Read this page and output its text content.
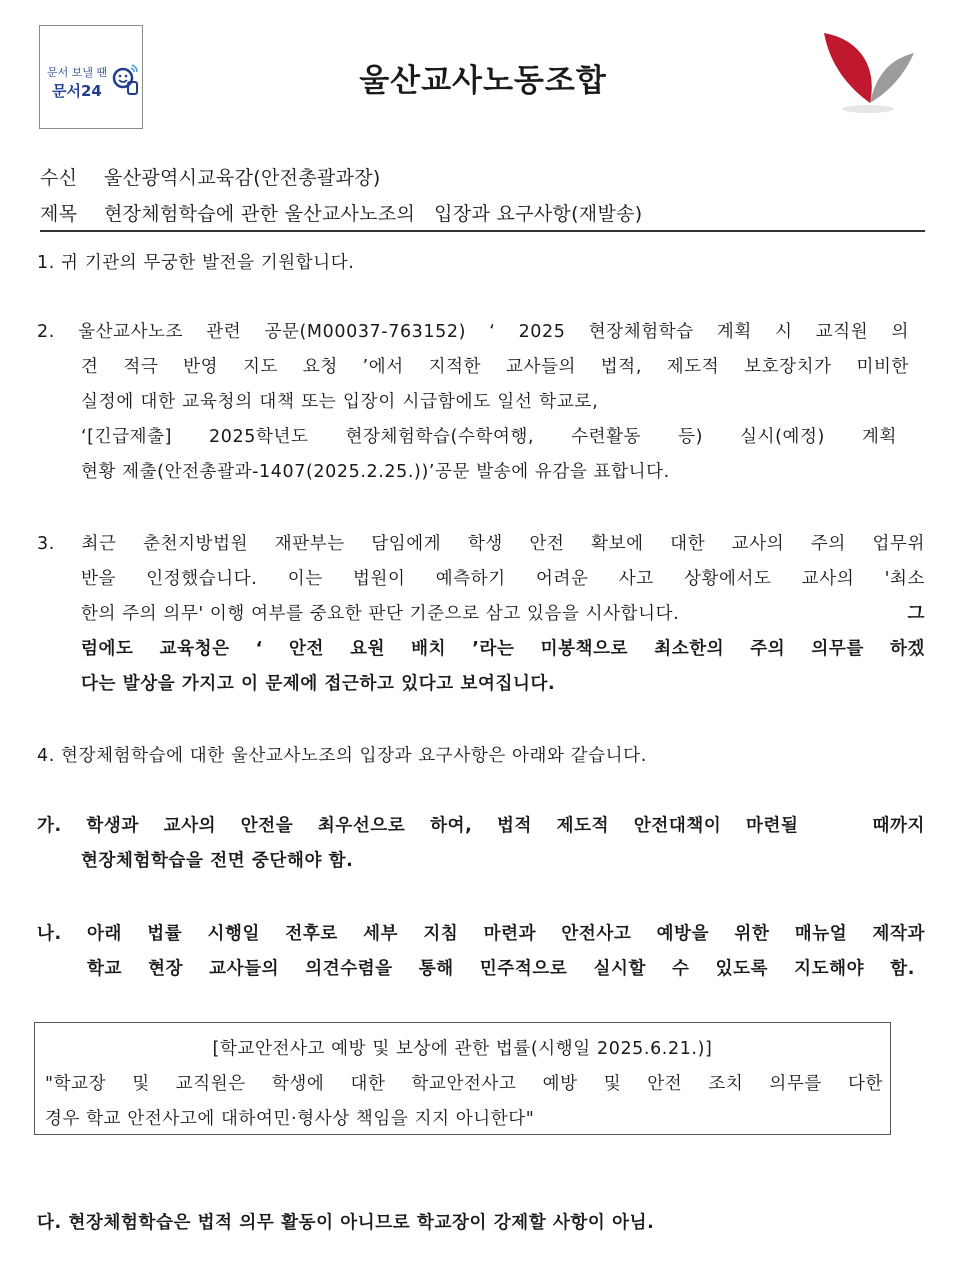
문서 보낼 땐
문서24	울산교사노동조합
수신 울산광역시교육감(안전총괄과장)
제목 현장체험학습에 관한 울산교사노조의   입장과 요구사항(재발송)
1. 귀 기관의 무궁한 발전을 기원합니다.
2. 울산교사노조 관련 공문(M00037-763152) ‘ 2025 현장체험학습 계획 시 교직원 의
견 적극 반영 지도 요청 ’에서 지적한 교사들의 법적, 제도적 보호장치가 미비한
실정에 대한 교육청의 대책 또는 입장이 시급함에도 일선 학교로,
‘[긴급제출] 2025학년도 현장체험학습(수학여행, 수련활동 등) 실시(예정) 계획
현황 제출(안전총괄과-1407(2025.2.25.))’공문 발송에 유감을 표합니다.
3. 최근 춘천지방법원 재판부는 담임에게 학생 안전 확보에 대한 교사의 주의 업무위
반을 인정했습니다. 이는 법원이 예측하기 어려운 사고 상황에서도 교사의 '최소
한의 주의 의무' 이행 여부를 중요한 판단 기준으로 삼고 있음을 시사합니다.	그
럼에도 교육청은 ‘ 안전 요원 배치 ’라는 미봉책으로 최소한의 주의 의무를 하겠
다는 발상을 가지고 이 문제에 접근하고 있다고 보여집니다.
4. 현장체험학습에 대한 울산교사노조의 입장과 요구사항은 아래와 같습니다.
가. 학생과 교사의 안전을 최우선으로 하여, 법적 제도적 안전대책이 마련될   때까지
현장체험학습을 전면 중단해야 함.
나. 아래 법률 시행일 전후로 세부 지침 마련과 안전사고 예방을 위한 매뉴얼 제작과
학교 현장 교사들의 의견수렴을 통해 민주적으로 실시할 수 있도록 지도해야 함.
[학교안전사고 예방 및 보상에 관한 법률(시행일 2025.6.21.)]
"학교장 및 교직원은 학생에 대한 학교안전사고 예방 및 안전 조치 의무를 다한
경우 학교 안전사고에 대하여민·형사상 책임을 지지 아니한다"
다. 현장체험학습은 법적 의무 활동이 아니므로 학교장이 강제할 사항이 아님.
